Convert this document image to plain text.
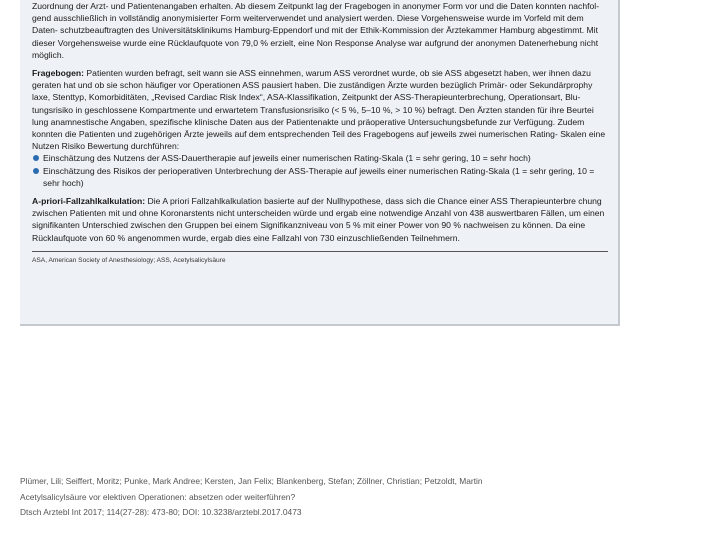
Zuordnung der Arzt- und Patientenangaben erhalten. Ab diesem Zeitpunkt lag der Fragebogen in anonymer Form vor und die Daten konnten nachfol- gend ausschließlich in vollständig anonymisierter Form weiterverwendet und analysiert werden. Diese Vorgehensweise wurde im Vorfeld mit dem Daten- schutzbeauftragten des Universitätsklinikums Hamburg-Eppendorf und mit der Ethik-Kommission der Ärztekammer Hamburg abgestimmt. Mit dieser Vorgehensweise wurde eine Rücklaufquote von 79,0 % erzielt, eine Non Response Analyse war aufgrund der anonymen Datenerhebung nicht möglich.

Fragebogen: Patienten wurden befragt, seit wann sie ASS einnehmen, warum ASS verordnet wurde, ob sie ASS abgesetzt haben, wer ihnen dazu geraten hat und ob sie schon häufiger vor Operationen ASS pausiert haben. Die zuständigen Ärzte wurden bezüglich Primär- oder Sekundärprophy laxe, Stenttyp, Komorbiditäten, „Revised Cardiac Risk Index“, ASA-Klassifikation, Zeitpunkt der ASS-Therapieunterbrechung, Operationsart, Blu- tungsrisiko in geschlossene Kompartmente und erwartetem Transfusionsrisiko (< 5 %, 5–10 %, > 10 %) befragt. Den Ärzten standen für ihre Beurtei lung anamnestische Angaben, spezifische klinische Daten aus der Patientenakte und präoperative Untersuchungsbefunde zur Verfügung. Zudem konnten die Patienten und zugehörigen Ärzte jeweils auf dem entsprechenden Teil des Fragebogens auf jeweils zwei numerischen Rating- Skalen eine Nutzen Risiko Bewertung durchführen:

Einschätzung des Nutzens der ASS-Dauertherapie auf jeweils einer numerischen Rating-Skala (1 = sehr gering, 10 = sehr hoch)
Einschätzung des Risikos der perioperativen Unterbrechung der ASS-Therapie auf jeweils einer numerischen Rating-Skala (1 = sehr gering, 10 = sehr hoch)

A-priori-Fallzahlkalkulation: Die A priori Fallzahlkalkulation basierte auf der Nullhypothese, dass sich die Chance einer ASS Therapieunterbre chung zwischen Patienten mit und ohne Koronarstents nicht unterscheiden würde und ergab eine notwendige Anzahl von 438 auswertbaren Fällen, um einen signifikanten Unterschied zwischen den Gruppen bei einem Signifikanzniveau von 5 % mit einer Power von 90 % nachweisen zu können. Da eine Rücklaufquote von 60 % angenommen wurde, ergab dies eine Fallzahl von 730 einzuschließenden Teilnehmern.

ASA, American Society of Anesthesiology; ASS, Acetylsalicylsäure
Plümer, Lili; Seiffert, Moritz; Punke, Mark Andree; Kersten, Jan Felix; Blankenberg, Stefan; Zöllner, Christian; Petzoldt, Martin
Acetylsalicylsäure vor elektiven Operationen: absetzen oder weiterführen?
Dtsch Arztebl Int 2017; 114(27-28): 473-80; DOI: 10.3238/arztebl.2017.0473
